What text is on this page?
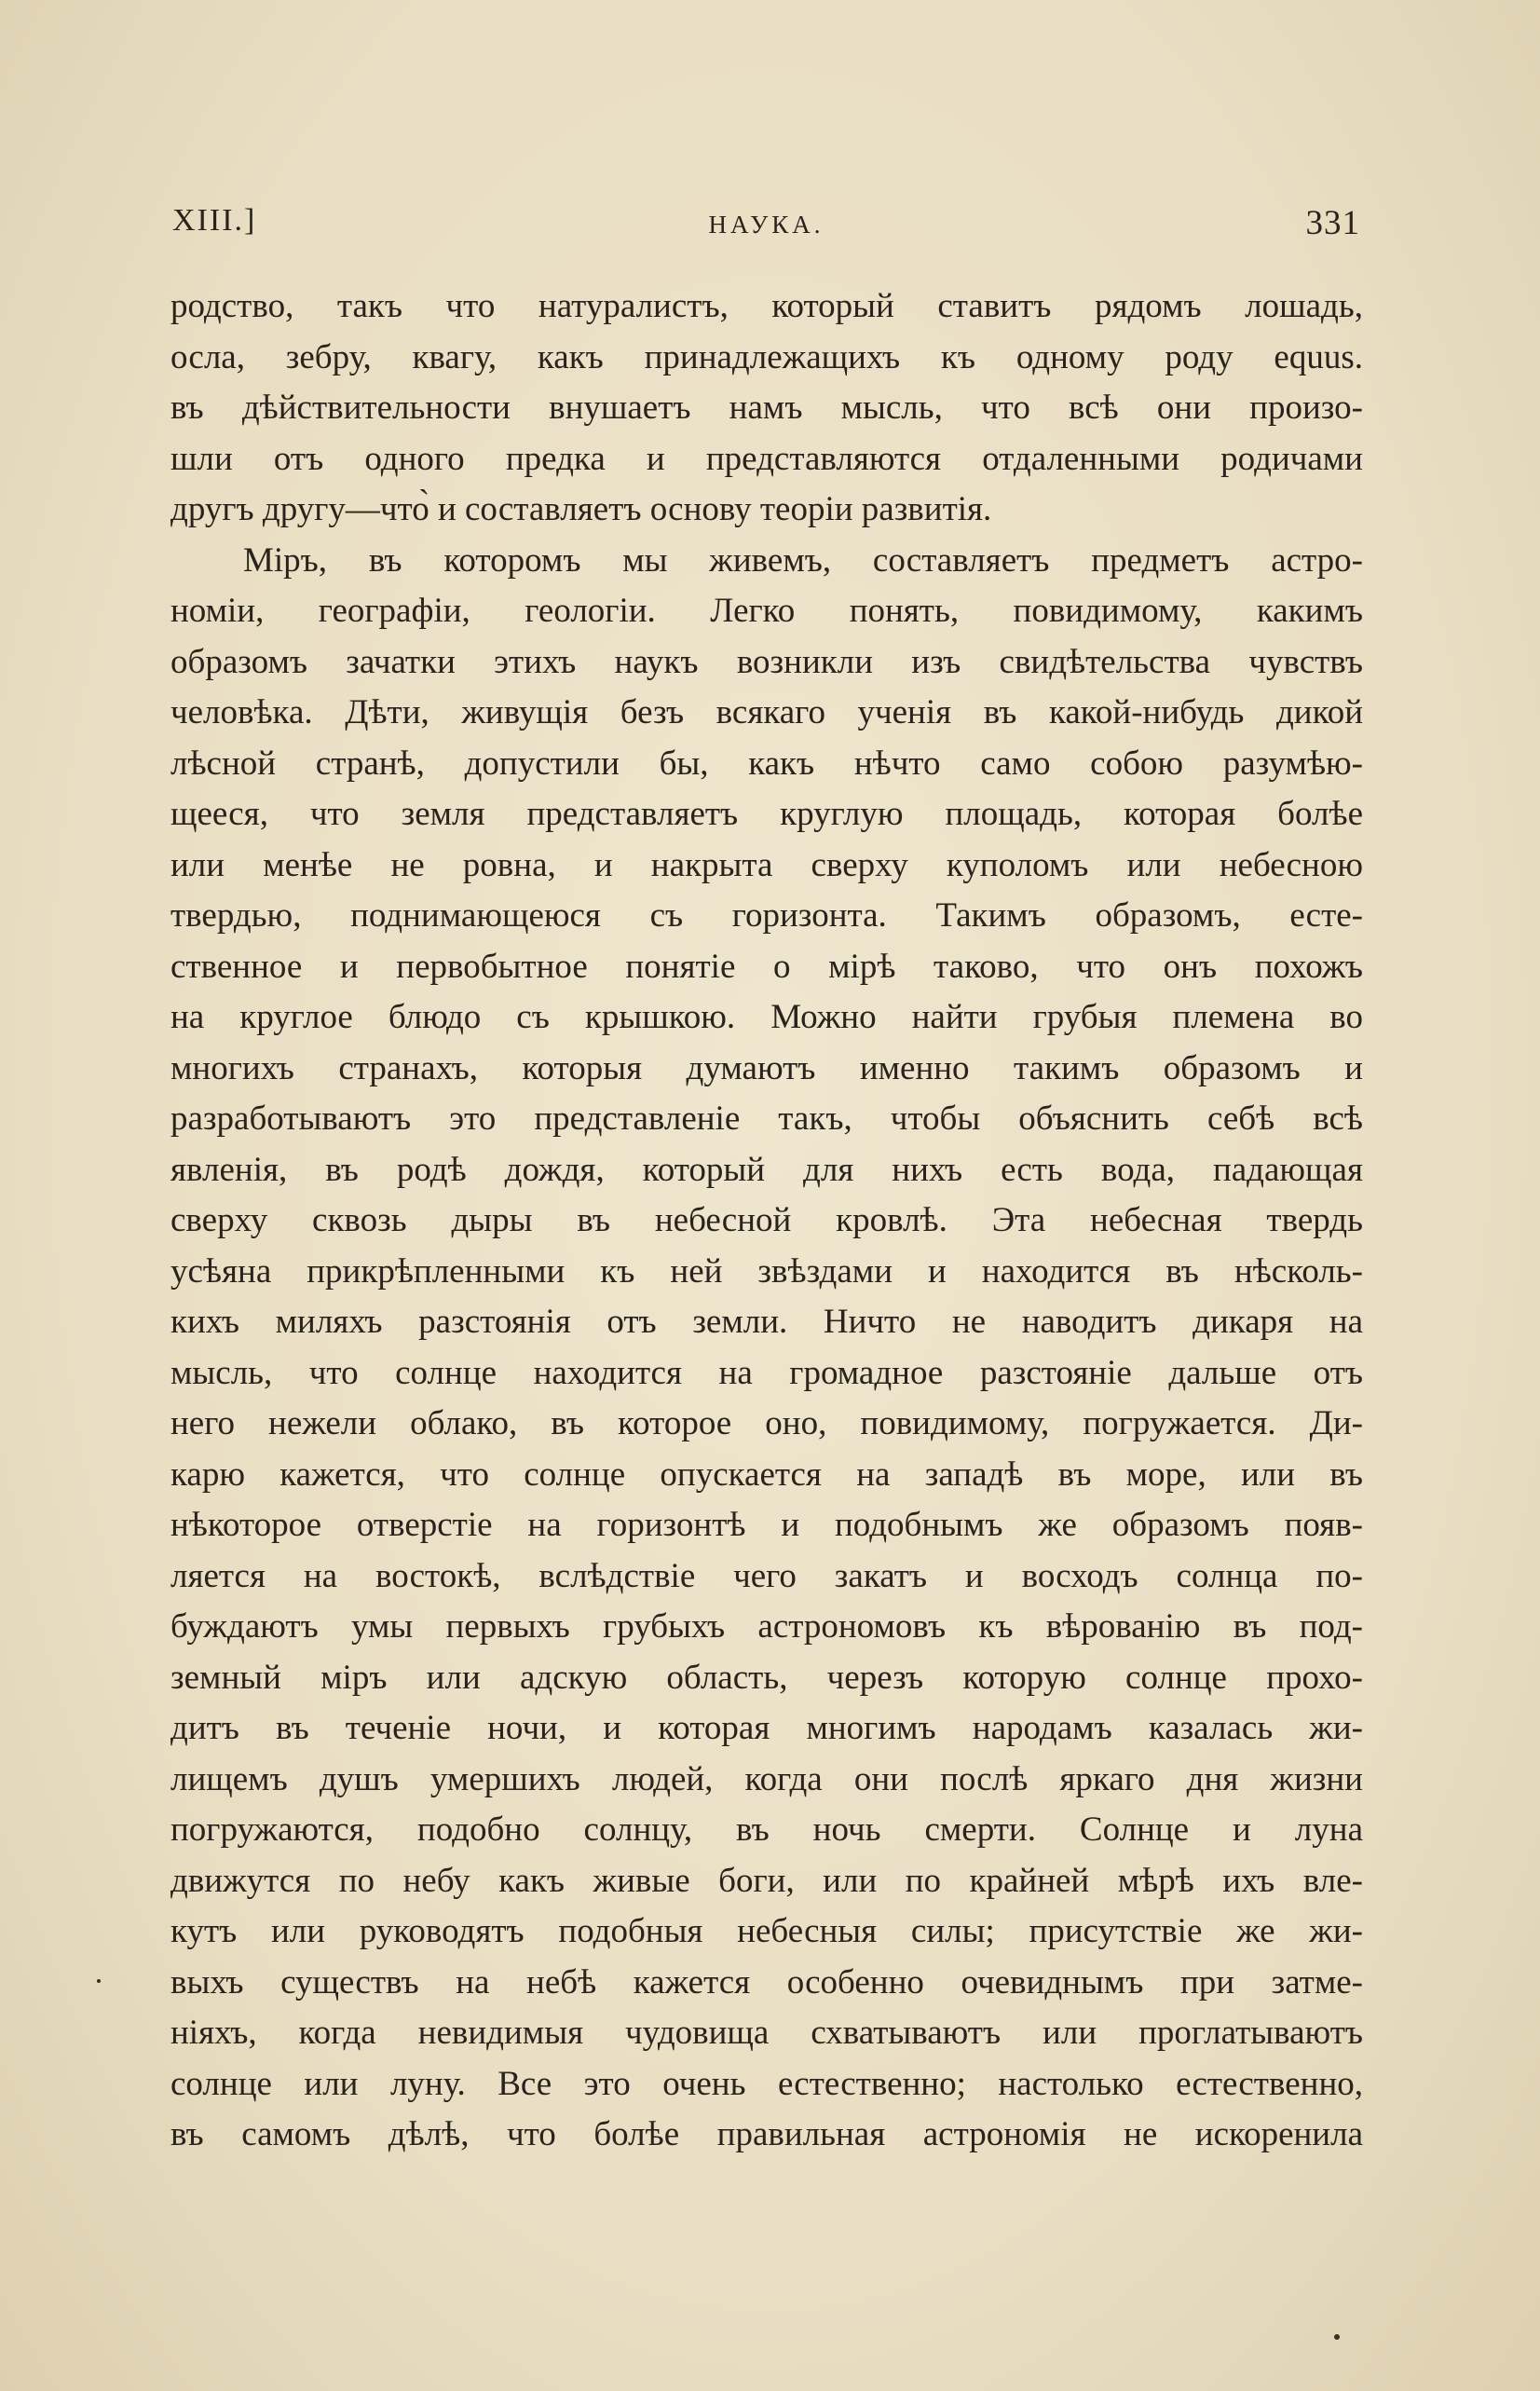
XIII.]	НАУКА.	331
родство, такъ что натуралистъ, который ставитъ рядомъ лошадь,
осла, зебру, квагу, какъ принадлежащихъ къ одному роду equus.
въ дѣйствительности внушаетъ намъ мысль, что всѣ они произо-
шли отъ одного предка и представляются отдаленными родичами
другъ другу—что̀ и составляетъ основу теоріи развитія.
Міръ, въ которомъ мы живемъ, составляетъ предметъ астро-
номіи, географіи, геологіи. Легко понять, повидимому, какимъ
образомъ зачатки этихъ наукъ возникли изъ свидѣтельства чувствъ
человѣка. Дѣти, живущія безъ всякаго ученія въ какой-нибудь дикой
лѣсной странѣ, допустили бы, какъ нѣчто само собою разумѣю-
щееся, что земля представляетъ круглую площадь, которая болѣе
или менѣе не ровна, и накрыта сверху куполомъ или небесною
твердью, поднимающеюся съ горизонта. Такимъ образомъ, есте-
ственное и первобытное понятіе о мірѣ таково, что онъ похожъ
на круглое блюдо съ крышкою. Можно найти грубыя племена во
многихъ странахъ, которыя думаютъ именно такимъ образомъ и
разработываютъ это представленіе такъ, чтобы объяснить себѣ всѣ
явленія, въ родѣ дождя, который для нихъ есть вода, падающая
сверху сквозь дыры въ небесной кровлѣ. Эта небесная твердь
усѣяна прикрѣпленными къ ней звѣздами и находится въ нѣсколь-
кихъ миляхъ разстоянія отъ земли. Ничто не наводитъ дикаря на
мысль, что солнце находится на громадное разстояніе дальше отъ
него нежели облако, въ которое оно, повидимому, погружается. Ди-
карю кажется, что солнце опускается на западѣ въ море, или въ
нѣкоторое отверстіе на горизонтѣ и подобнымъ же образомъ появ-
ляется на востокѣ, вслѣдствіе чего закатъ и восходъ солнца по-
буждаютъ умы первыхъ грубыхъ астрономовъ къ вѣрованію въ под-
земный міръ или адскую область, черезъ которую солнце прохо-
дитъ въ теченіе ночи, и которая многимъ народамъ казалась жи-
лищемъ душъ умершихъ людей, когда они послѣ яркаго дня жизни
погружаются, подобно солнцу, въ ночь смерти. Солнце и луна
движутся по небу какъ живые боги, или по крайней мѣрѣ ихъ вле-
кутъ или руководятъ подобныя небесныя силы; присутствіе же жи-
выхъ существъ на небѣ кажется особенно очевиднымъ при затме-
ніяхъ, когда невидимыя чудовища схватываютъ или проглатываютъ
солнце или луну. Все это очень естественно; настолько естественно,
въ самомъ дѣлѣ, что болѣе правильная астрономія не искоренила
